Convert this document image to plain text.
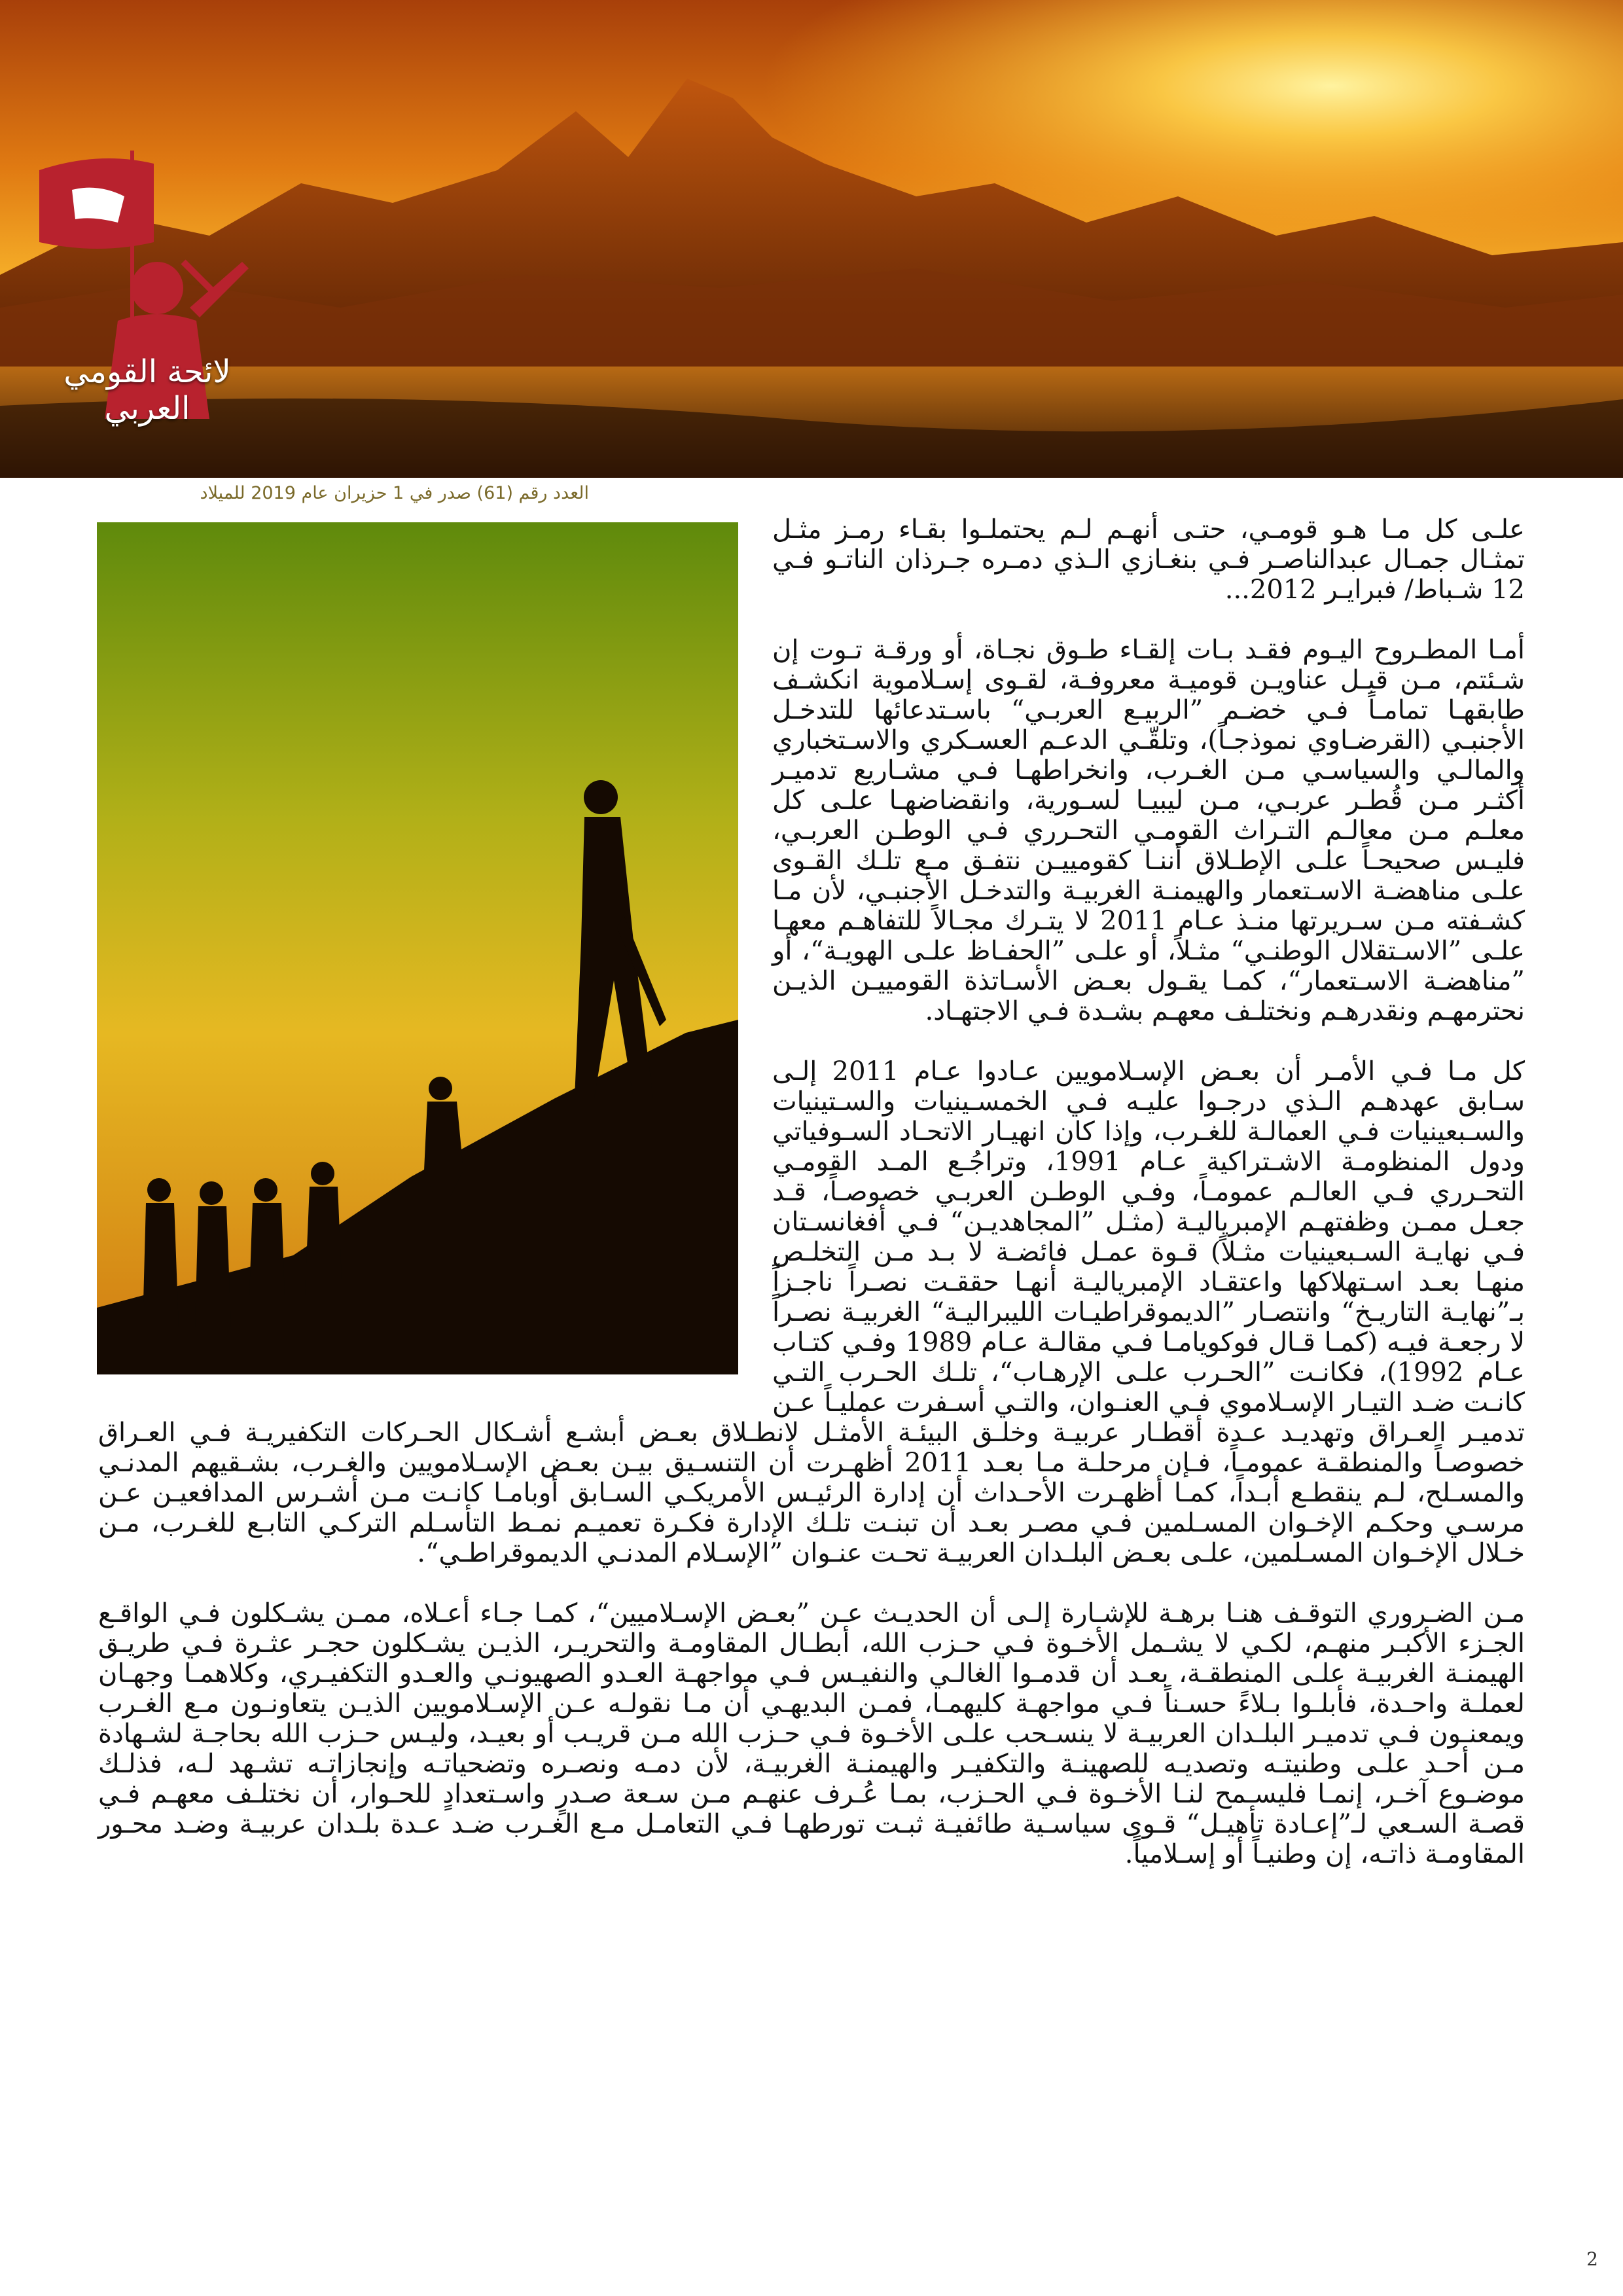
لائحة القومي العربي
العدد رقم (61) صدر في 1 حزيران عام 2019 للميلاد

علـى كل مـا هـو قومـي، حتـى أنهـم لـم يحتملـوا بقـاء رمـز مثـل تمثـال جمـال عبدالناصـر فـي بنغـازي الـذي دمـره جـرذان الناتـو فـي 12 شـباط/ فبرايـر 2012...

أمـا المطـروح اليـوم فقـد بـات إلقـاء طـوق نجـاة، أو ورقـة تـوت إن شـئتم، مـن قبـل عناويـن قوميـة معروفـة، لقـوى إسـلاموية انكشـف طابقهـا تمامـاً فـي خضـم ”الربيـع العربـي“ باسـتدعائها للتدخـل الأجنبـي (القرضـاوي نموذجـاً)، وتلقّـي الدعـم العسـكري والاسـتخباري والمالـي والسياسـي مـن الغـرب، وانخراطهـا فـي مشـاريع تدميـر أكثـر مـن قُطـر عربـي، مـن ليبيـا لسـورية، وانقضاضهـا علـى كل معلـم مـن معالـم التـراث القومـي التحـرري فـي الوطـن العربـي، فليـس صحيحـاً علـى الإطـلاق أننـا كقومييـن نتفـق مـع تلـك القـوى علـى مناهضـة الاسـتعمار والهيمنـة الغربيـة والتدخـل الأجنبـي، لأن مـا كشـفته مـن سـريرتها منـذ عـام 2011 لا يتـرك مجـالاً للتفاهـم معهـا علـى ”الاسـتقلال الوطنـي“ مثـلاً، أو علـى ”الحفـاظ علـى الهويـة“، أو ”مناهضـة الاسـتعمار“، كمـا يقـول بعـض الأسـاتذة القومييـن الذيـن نحترمهـم ونقدرهـم ونختلـف معهـم بشـدة فـي الاجتهـاد.

كل مـا فـي الأمـر أن بعـض الإسـلامويين عـادوا عـام 2011 إلـى سـابق عهدهـم الـذي درجـوا عليـه فـي الخمسـينيات والسـتينيات والسـبعينيات فـي العمالـة للغـرب، وإذا كان انهيـار الاتحـاد السـوفياتي ودول المنظومـة الاشـتراكية عـام 1991، وتراجُـع المـد القومـي التحـرري فـي العالـم عمومـاً، وفـي الوطـن العربـي خصوصـاً، قـد جعـل ممـن وظفتهـم الإمبرياليـة (مثـل ”المجاهديـن“ فـي أفغانسـتان فـي نهايـة السـبعينيات مثـلاً) قـوة عمـل فائضـة لا بـد مـن التخلـص منهـا بعـد اسـتهلاكها واعتقـاد الإمبرياليـة أنهـا حققـت نصـراً ناجـزاً بـ”نهايـة التاريـخ“ وانتصـار ”الديموقراطيـات الليبراليـة“ الغربيـة نصـراً لا رجعـة فيـه (كمـا قـال فوكويامـا فـي مقالـة عـام 1989 وفـي كتـاب عـام 1992)، فكانـت ”الحـرب علـى الإرهـاب“، تلـك الحـرب التـي كانـت ضـد التيـار الإسـلاموي فـي العنـوان، والتـي أسـفرت عمليـاً عـن تدميـر العـراق وتهديـد عـدة أقطـار عربيـة وخلـق البيئـة الأمثـل لانطـلاق بعـض أبشـع أشـكال الحـركات التكفيريـة فـي العـراق خصوصـاً والمنطقـة عمومـاً، فـإن مرحلـة مـا بعـد 2011 أظهـرت أن التنسـيق بيـن بعـض الإسـلامويين والغـرب، بشـقيهم المدنـي والمسـلح، لـم ينقطـع أبـداً، كمـا أظهـرت الأحـداث أن إدارة الرئيـس الأمريكـي السـابق أوبامـا كانـت مـن أشـرس المدافعيـن عـن مرسـي وحكـم الإخـوان المسـلمين فـي مصـر بعـد أن تبنـت تلـك الإدارة فكـرة تعميـم نمـط التأسـلم التركـي التابـع للغـرب، مـن خـلال الإخـوان المسـلمين، علـى بعـض البلـدان العربيـة تحـت عنـوان ”الإسـلام المدنـي الديموقراطـي“.

مـن الضـروري التوقـف هنـا برهـة للإشـارة إلـى أن الحديـث عـن ”بعـض الإسـلاميين“، كمـا جـاء أعـلاه، ممـن يشـكلون فـي الواقـع الجـزء الأكبـر منهـم، لكـي لا يشـمل الأخـوة فـي حـزب الله، أبطـال المقاومـة والتحريـر، الذيـن يشـكلون حجـر عثـرة فـي طريـق الهيمنـة الغربيـة علـى المنطقـة، بعـد أن قدمـوا الغالـي والنفيـس فـي مواجهـة العـدو الصهيونـي والعـدو التكفيـري، وكلاهمـا وجهـان لعملـة واحـدة، فأبلـوا بـلاءً حسـناً فـي مواجهـة كليهمـا، فمـن البديهـي أن مـا نقولـه عـن الإسـلامويين الذيـن يتعاونـون مـع الغـرب ويمعنـون فـي تدميـر البلـدان العربيـة لا ينسـحب علـى الأخـوة فـي حـزب الله مـن قريـب أو بعيـد، وليـس حـزب الله بحاجـة لشـهادة مـن أحـد علـى وطنيتـه وتصديـه للصهينـة والتكفيـر والهيمنـة الغربيـة، لأن دمـه ونصـره وتضحياتـه وإنجازاتـه تشـهد لـه، فذلـك موضـوع آخـر، إنمـا فليسـمح لنـا الأخـوة فـي الحـزب، بمـا عُـرف عنهـم مـن سـعة صـدرٍ واسـتعدادٍ للحـوار، أن نختلـف معهـم فـي قصـة السـعي لـ”إعـادة تأهيـل“ قـوى سياسـية طائفيـة ثبـت تورطهـا فـي التعامـل مـع الغـرب ضـد عـدة بلـدان عربيـة وضـد محـور المقاومـة ذاتـه، إن وطنيـاً أو إسـلامياً.

2
